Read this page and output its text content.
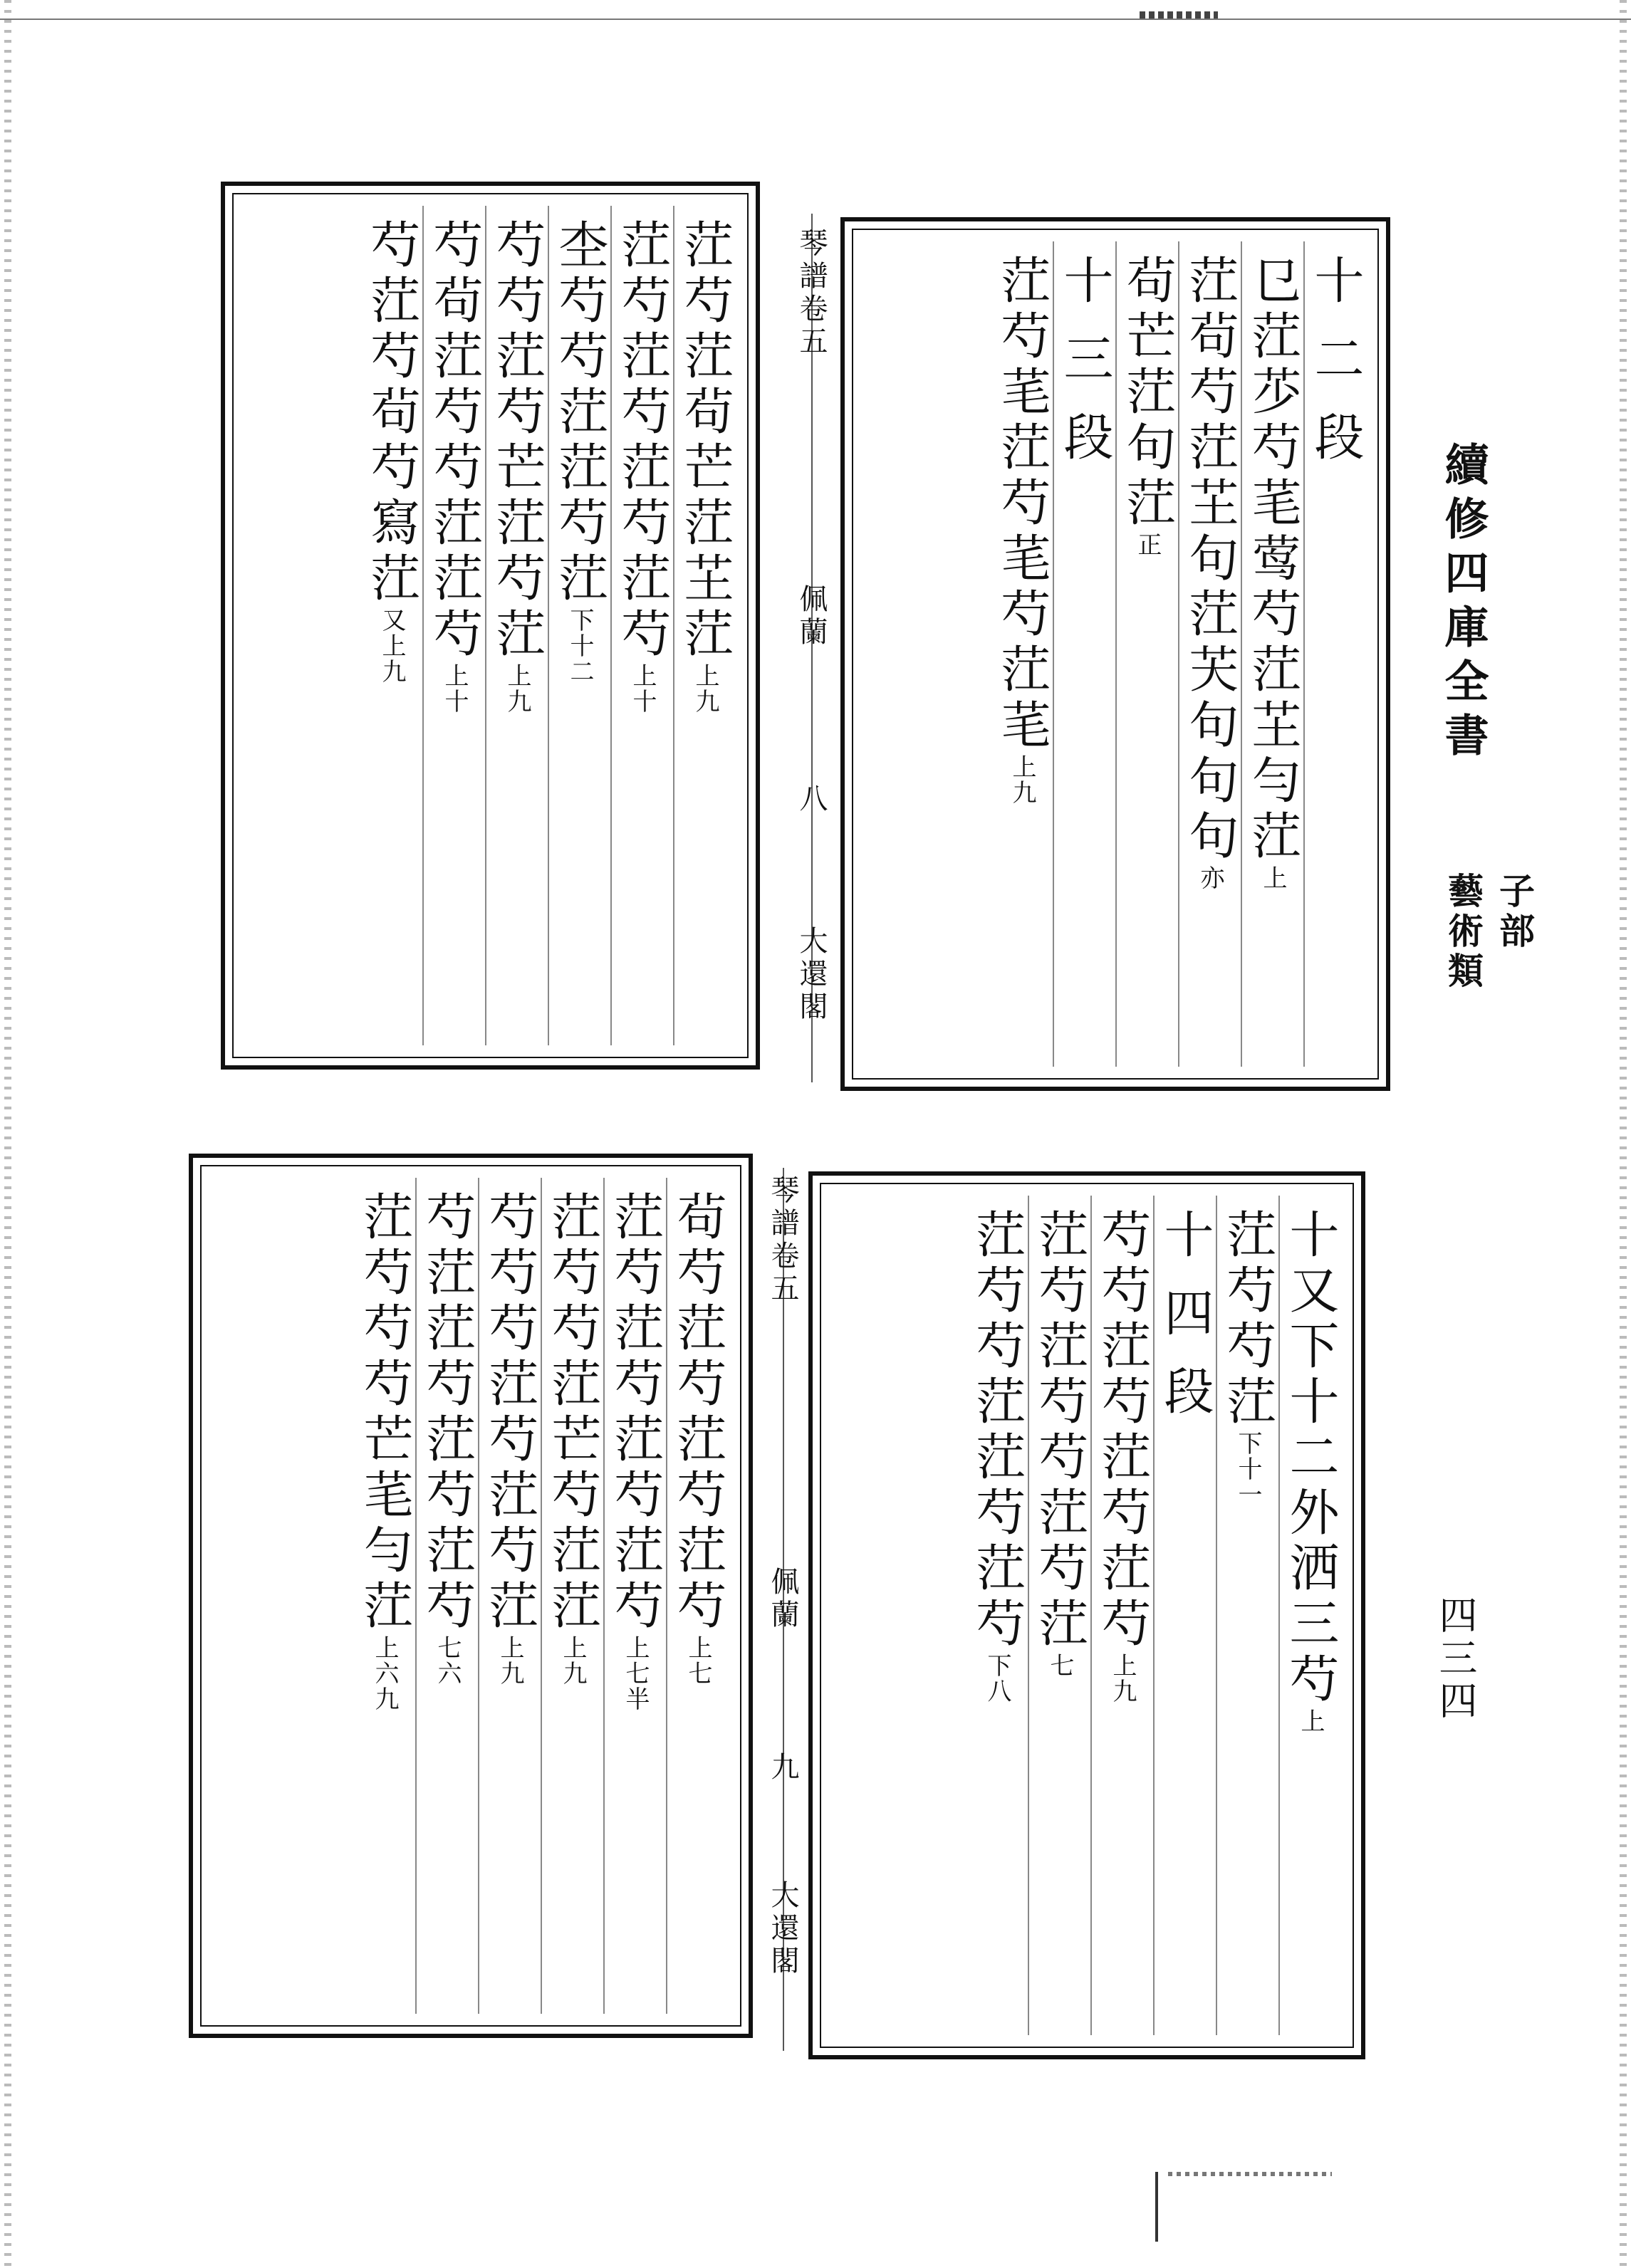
續修四庫全書
子部
藝術類
四三四
十二段
㔾茳䒚芍芼莺芍茳芏勻茳上
茳茍芍茳芏句茳芖句句句亦
茍芒茳句茳正
十三段
茳芍芼茳芍芼芍茳芼上九
琴譜卷五
佩蘭
八
大還閣
茳芍茳茍芒茳芏茳上九
茳芍茳芍茳芍茳芍上十
杢芍芍茳茳芍茳下十二
芍芍茳芍芒茳芍茳上九
芍茍茳芍芍茳茳芍上十
芍茳芍茍芍寫茳又上九
十又下十二外洒三芍上
茳芍芍茳下十一
十四段
芍芍茳芍茳芍茳芍上九
茳芍茳芍芍茳芍茳七
茳芍芍茳茳芍茳芍下八
琴譜卷五
佩蘭
九
大還閣
茍芍茳芍茳芍茳芍上七
茳芍茳芍茳芍茳芍上七半
茳芍芍茳芒芍茳茳上九
芍芍芍茳芍茳芍茳上九
芍茳茳芍茳芍茳芍七六
茳芍芍芍芒芼勻茳上六九
